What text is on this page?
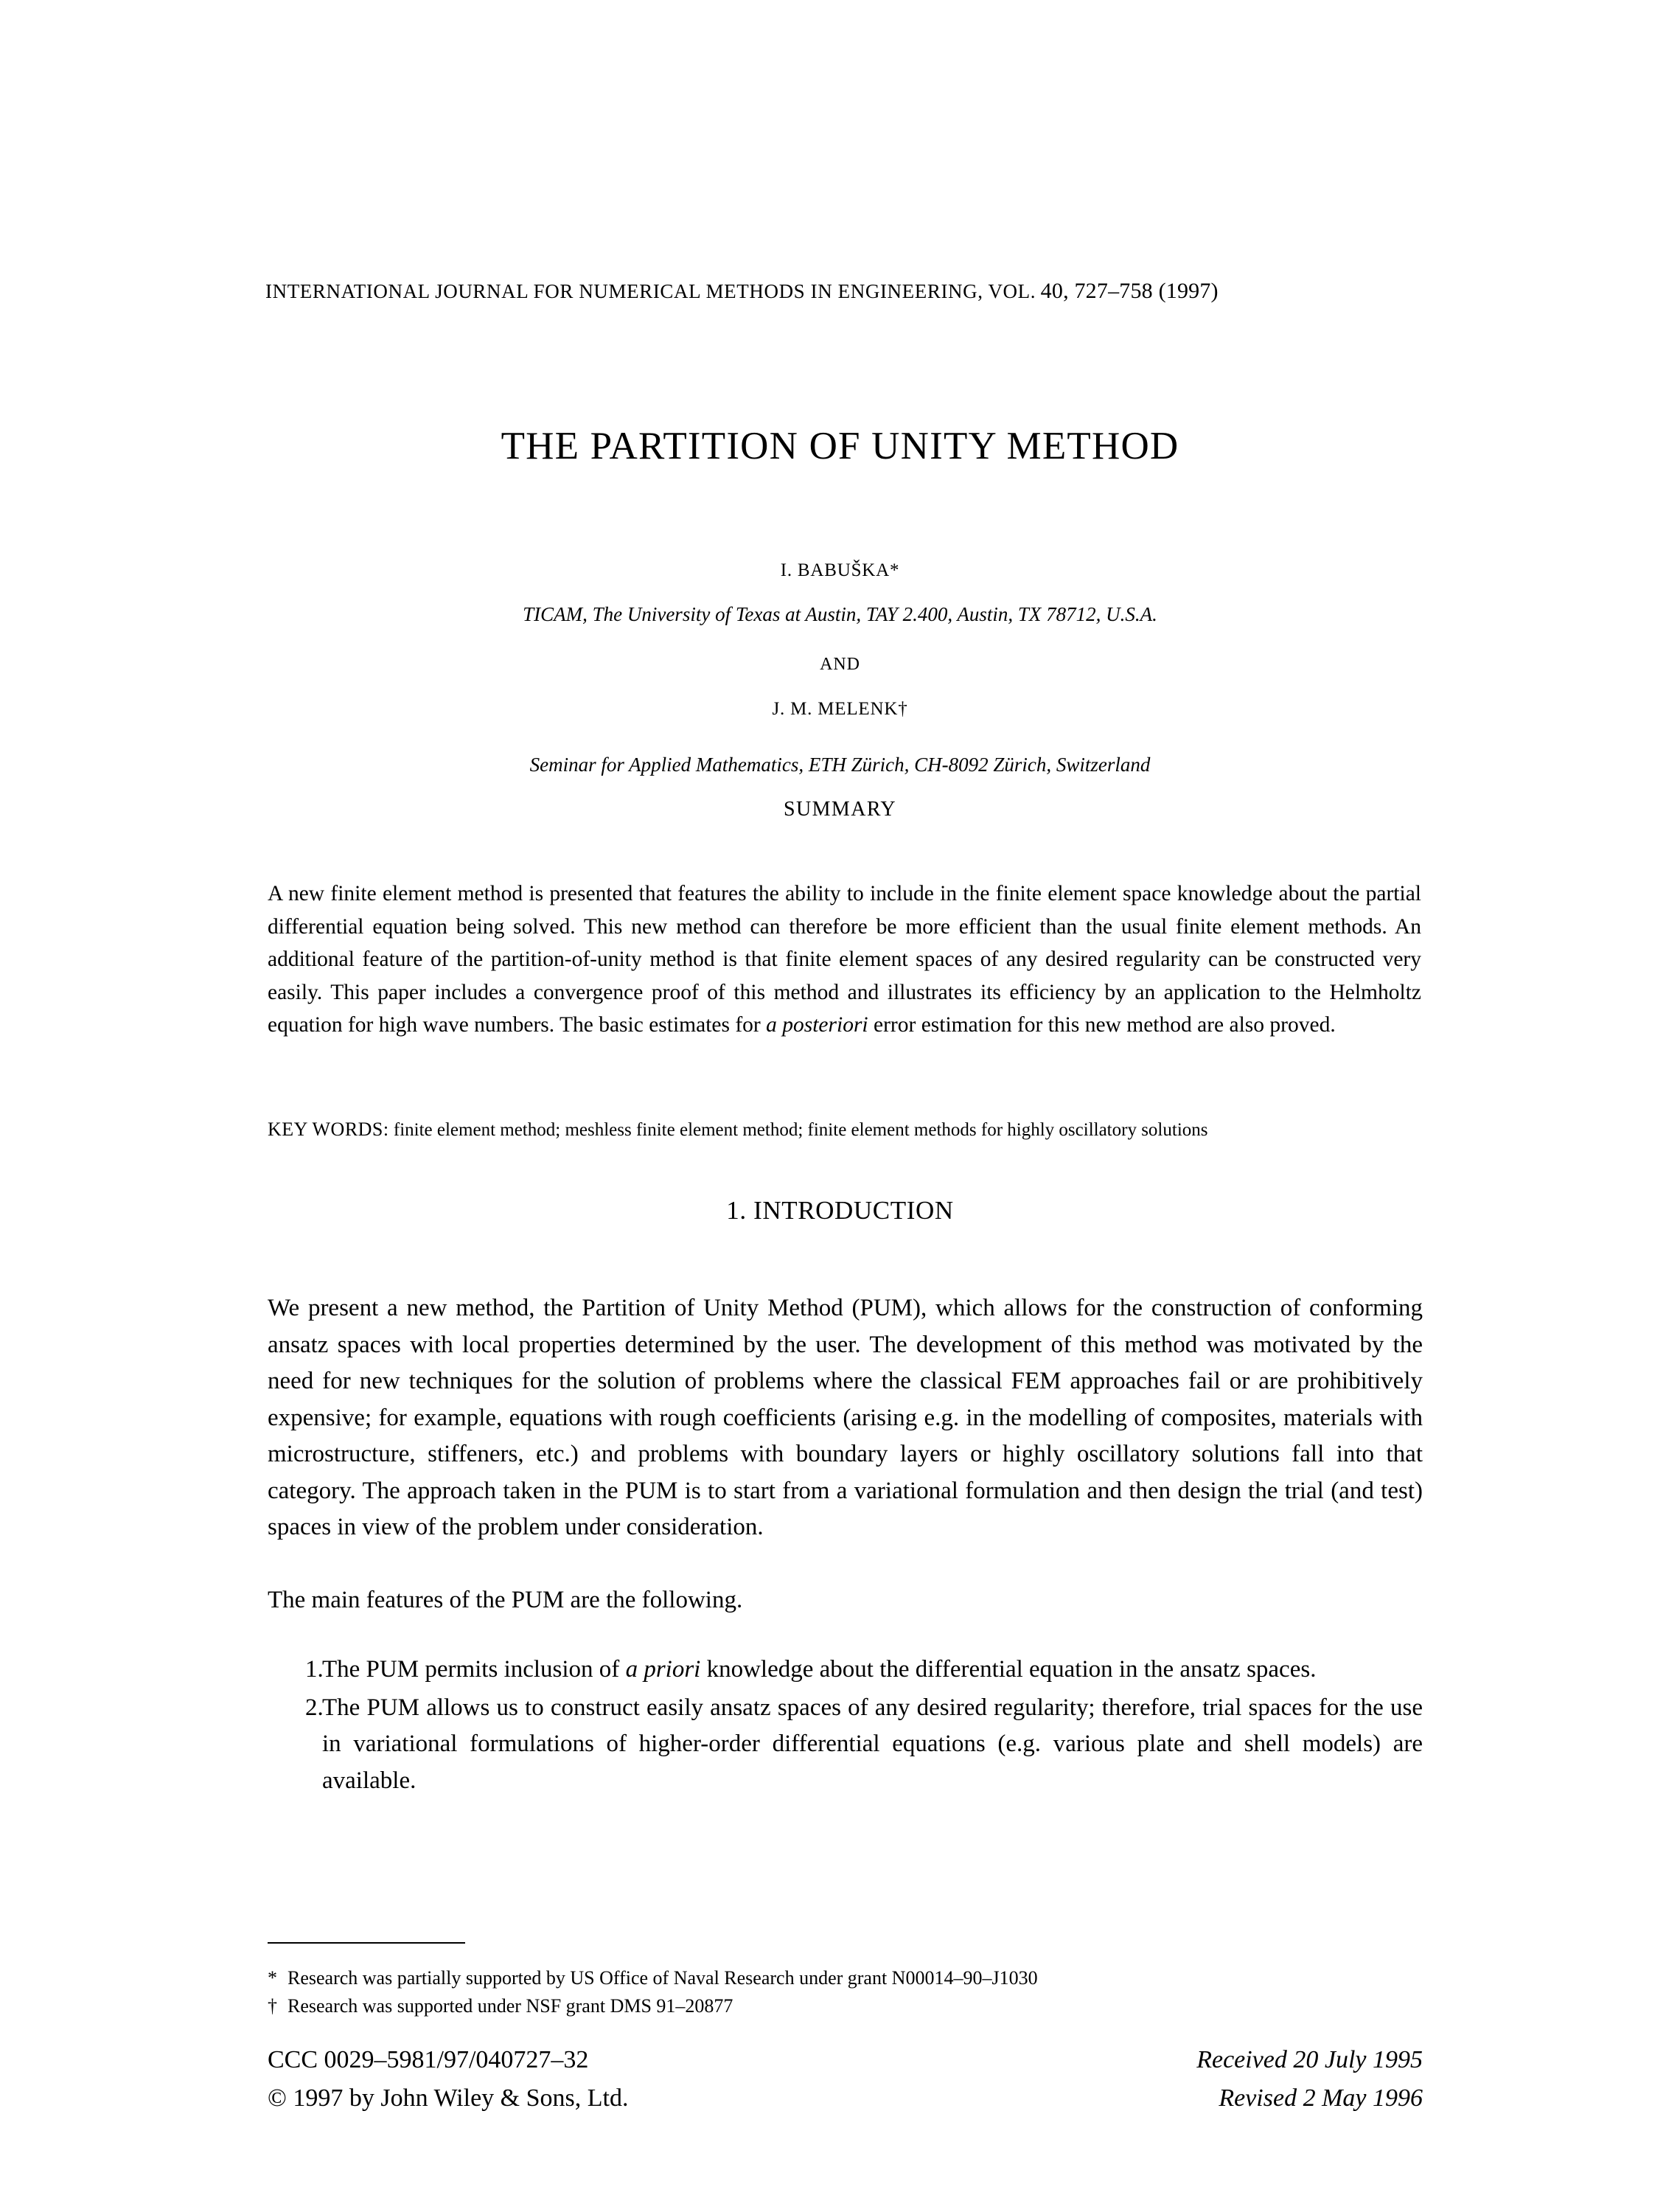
INTERNATIONAL JOURNAL FOR NUMERICAL METHODS IN ENGINEERING, VOL. 40, 727–758 (1997)
THE PARTITION OF UNITY METHOD
I. BABUŠKA*
TICAM, The University of Texas at Austin, TAY 2.400, Austin, TX 78712, U.S.A.
AND
J. M. MELENK†
Seminar for Applied Mathematics, ETH Zürich, CH-8092 Zürich, Switzerland
SUMMARY
A new finite element method is presented that features the ability to include in the finite element space knowledge about the partial differential equation being solved. This new method can therefore be more efficient than the usual finite element methods. An additional feature of the partition-of-unity method is that finite element spaces of any desired regularity can be constructed very easily. This paper includes a convergence proof of this method and illustrates its efficiency by an application to the Helmholtz equation for high wave numbers. The basic estimates for a posteriori error estimation for this new method are also proved.
KEY WORDS: finite element method; meshless finite element method; finite element methods for highly oscillatory solutions
1. INTRODUCTION
We present a new method, the Partition of Unity Method (PUM), which allows for the construction of conforming ansatz spaces with local properties determined by the user. The development of this method was motivated by the need for new techniques for the solution of problems where the classical FEM approaches fail or are prohibitively expensive; for example, equations with rough coefficients (arising e.g. in the modelling of composites, materials with microstructure, stiffeners, etc.) and problems with boundary layers or highly oscillatory solutions fall into that category. The approach taken in the PUM is to start from a variational formulation and then design the trial (and test) spaces in view of the problem under consideration.
The main features of the PUM are the following.
1.
The PUM permits inclusion of a priori knowledge about the differential equation in the ansatz spaces.
2.
The PUM allows us to construct easily ansatz spaces of any desired regularity; therefore, trial spaces for the use in variational formulations of higher-order differential equations (e.g. various plate and shell models) are available.
* Research was partially supported by US Office of Naval Research under grant N00014–90–J1030
† Research was supported under NSF grant DMS 91–20877
CCC 0029–5981/97/040727–32	Received 20 July 1995
© 1997 by John Wiley & Sons, Ltd.	Revised 2 May 1996
